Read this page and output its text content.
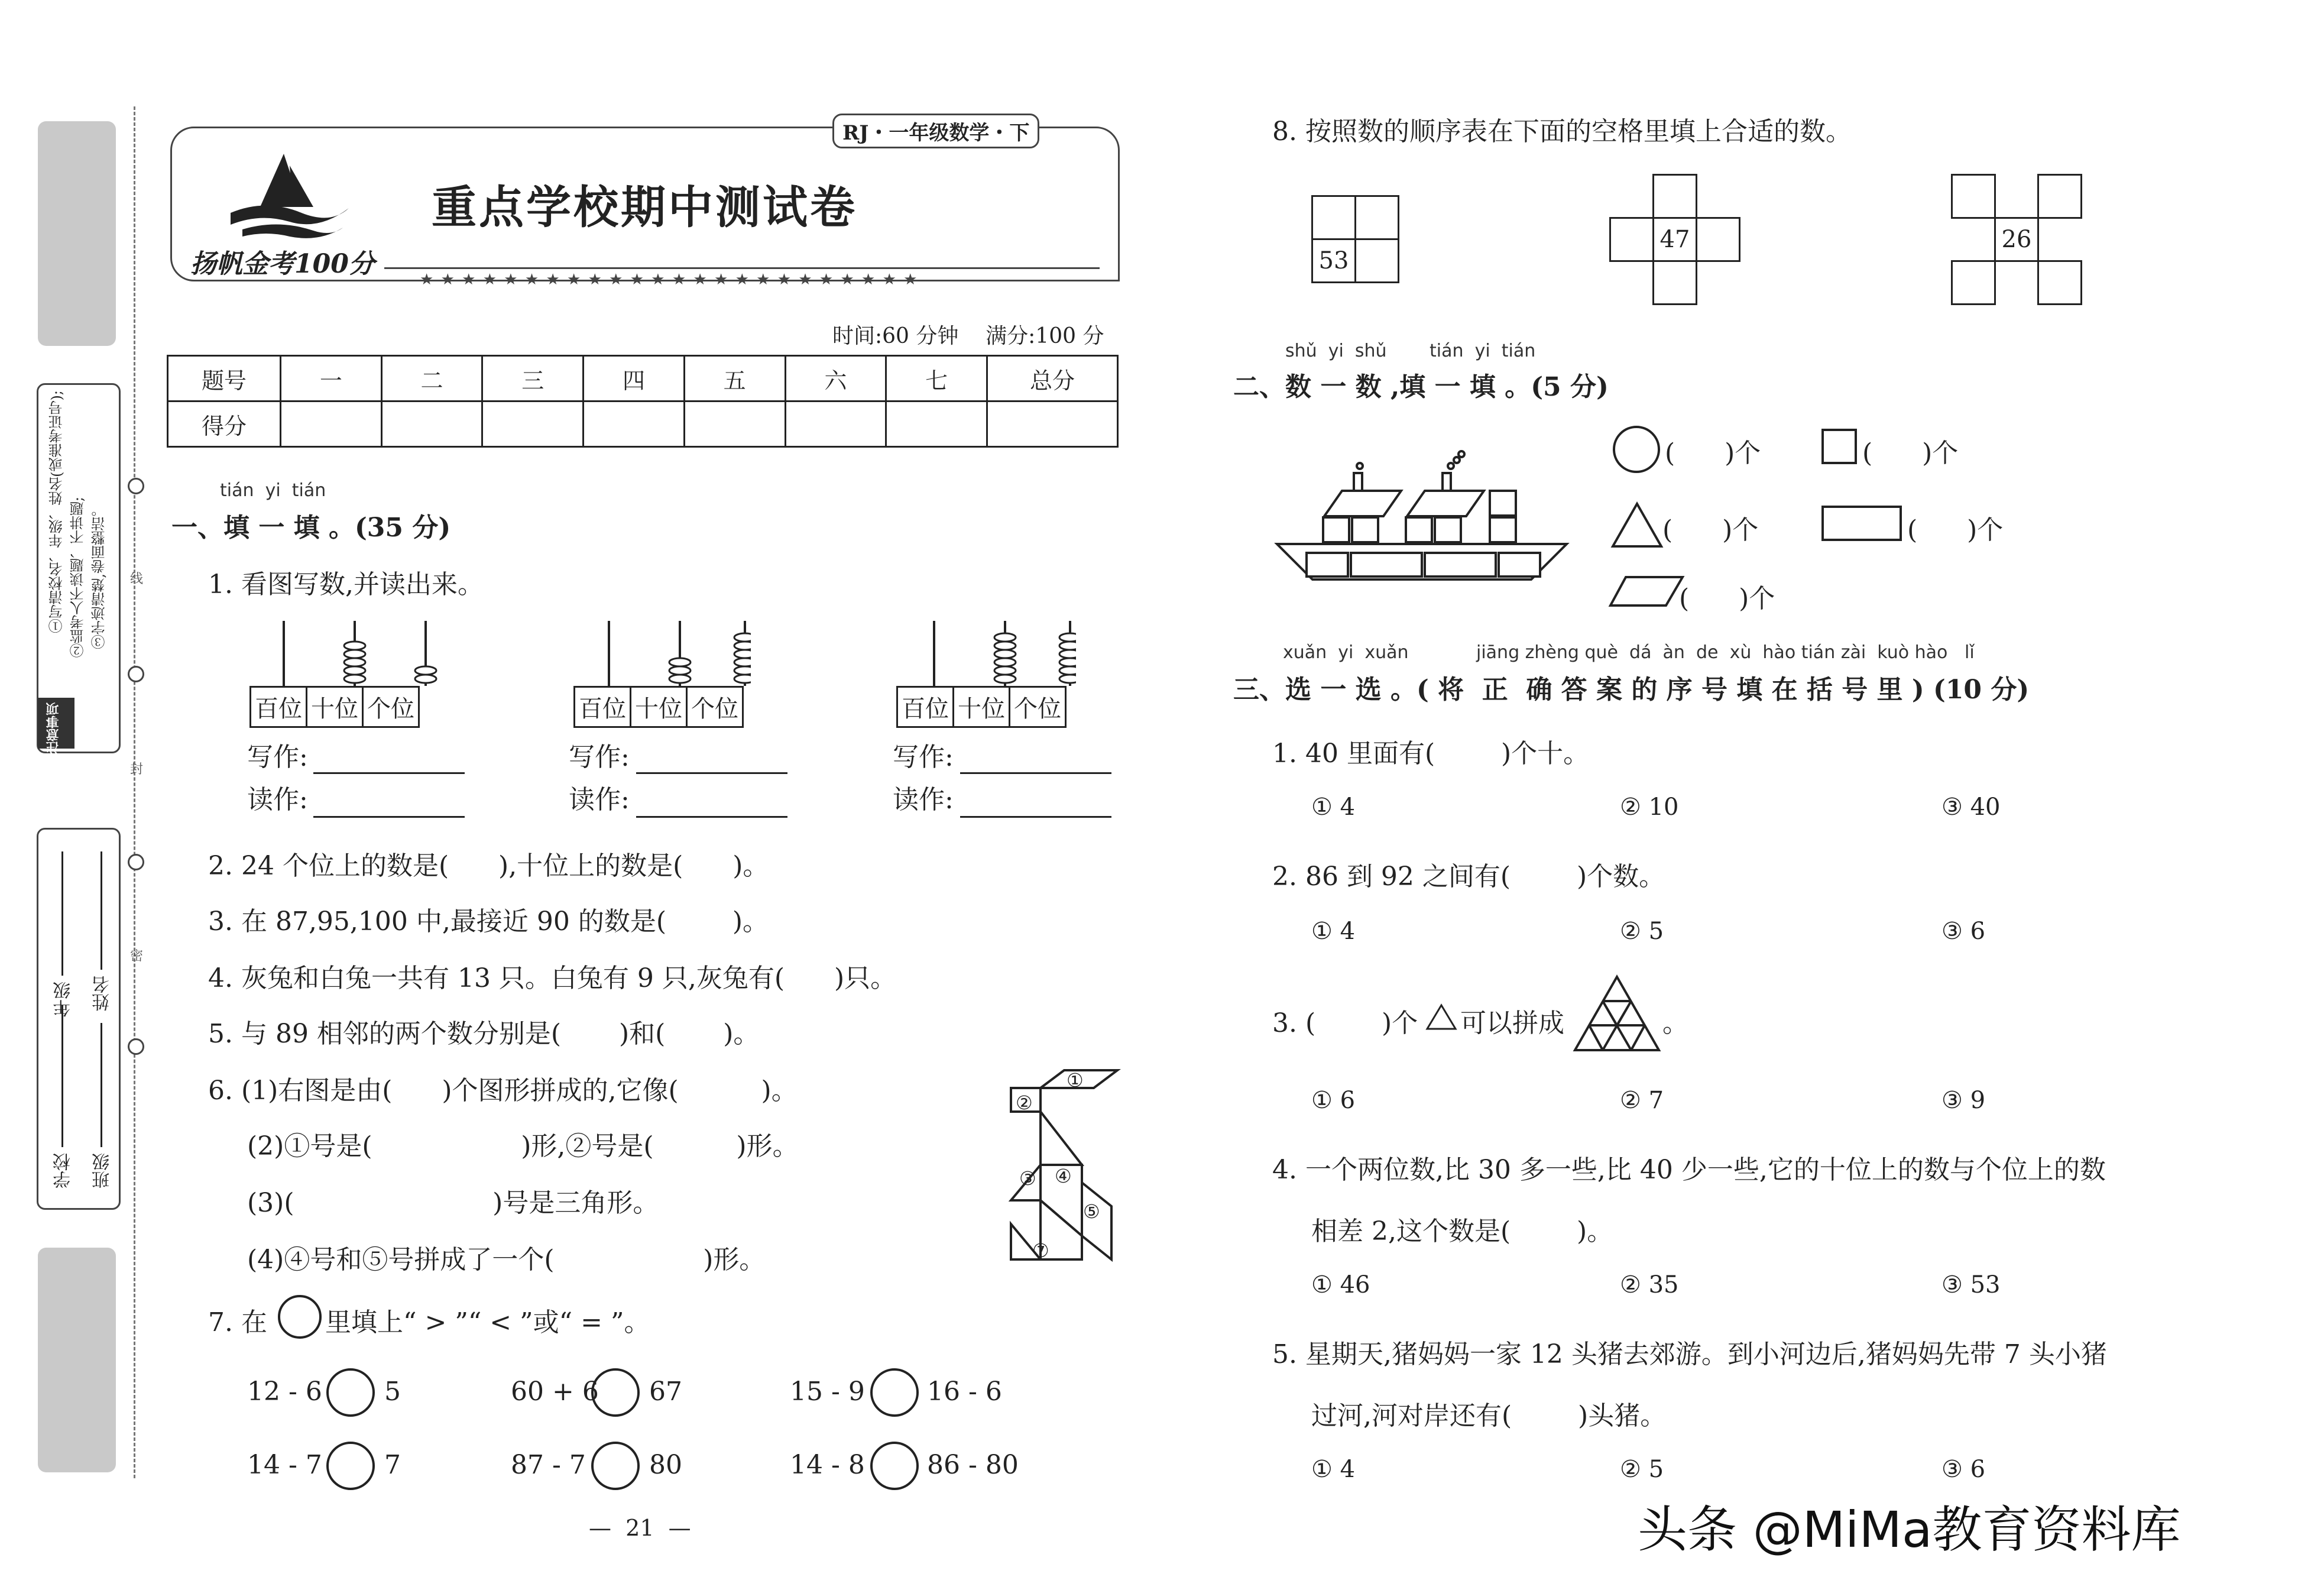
注意事项
①写清校名、年级、姓名(或准考证号); ②监考人不读题、不讲题; ③字迹清楚,卷面整洁。
学校
年级
班级
姓名
线
封
密
RJ・一年级数学・下
扬帆金考100分
重点学校期中测试卷
★ ★ ★ ★ ★ ★ ★ ★ ★ ★ ★ ★ ★ ★ ★ ★ ★ ★ ★ ★ ★ ★ ★ ★
时间:60 分钟    满分:100 分
题号	一	二	三	四	五	六	七	总分
得分								
tián  yi  tián
一、填 一 填 。(35 分)
1. 看图写数,并读出来。
百位 十位 个位
写作:
读作:
百位 十位 个位
写作:
读作:
百位 十位 个位
写作:
读作:
2. 24 个位上的数是(      ),十位上的数是(      )。
3. 在 87,95,100 中,最接近 90 的数是(        )。
4. 灰兔和白兔一共有 13 只。白兔有 9 只,灰兔有(      )只。
5. 与 89 相邻的两个数分别是(       )和(       )。
6. (1)右图是由(      )个图形拼成的,它像(          )。
(2)①号是(                  )形,②号是(          )形。
(3)(                        )号是三角形。
(4)④号和⑤号拼成了一个(                  )形。
①
②
③ ④
⑤
⑦
7. 在 里填上“ > ”“ < ”或“ = ”。
12 - 6 5	60 + 6 67	15 - 9 16 - 6
14 - 7 7	87 - 7 80	14 - 8 86 - 80
—  21  —
8. 按照数的顺序表在下面的空格里填上合适的数。
53
47	26
shǔ  yi  shǔ tián  yi  tián
二、数 一 数 ,填 一 填 。(5 分)
(      )个	(      )个
(      )个	(      )个
(      )个
xuǎn  yi  xuǎn            jiāng zhèng què  dá  àn  de  xù  hào tián zài  kuò hào   lǐ
三、选 一 选 。( 将  正  确 答 案 的 序 号 填 在 括 号 里 ) (10 分)
1. 40 里面有(        )个十。
① 4	② 10	③ 40
2. 86 到 92 之间有(        )个数。
① 4	② 5	③ 6
3. (        )个 可以拼成	。
① 6	② 7	③ 9
4. 一个两位数,比 30 多一些,比 40 少一些,它的十位上的数与个位上的数
相差 2,这个数是(        )。
① 46	② 35	③ 53
5. 星期天,猪妈妈一家 12 头猪去郊游。到小河边后,猪妈妈先带 7 头小猪
过河,河对岸还有(        )头猪。
① 4	② 5	③ 6
头条 @MiMa教育资料库
